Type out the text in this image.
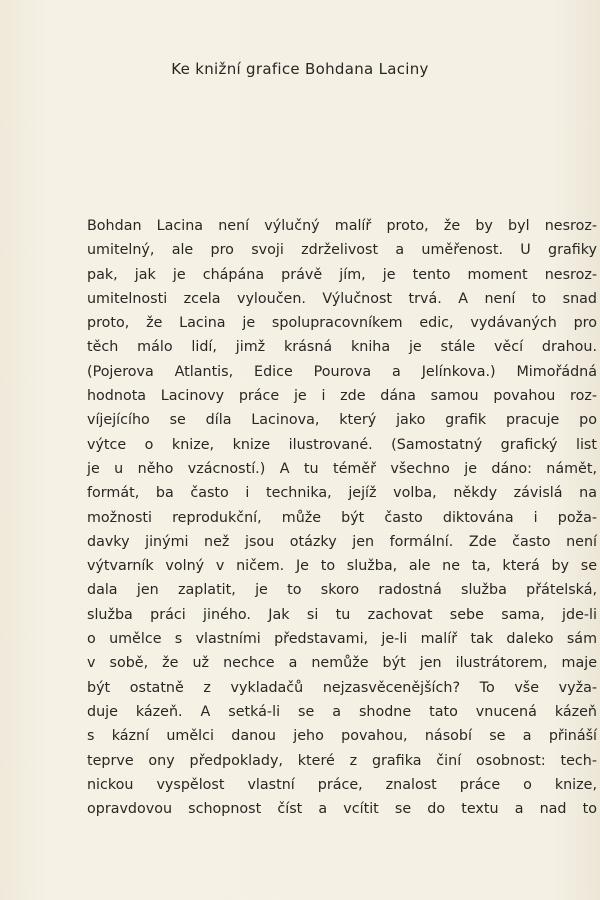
Ke knižní grafice Bohdana Laciny
Bohdan Lacina není výlučný malíř proto, že by byl nesroz-
umitelný, ale pro svoji zdrželivost a uměřenost. U grafiky
pak, jak je chápána právě jím, je tento moment nesroz-
umitelnosti zcela vyloučen. Výlučnost trvá. A není to snad
proto, že Lacina je spolupracovníkem edic, vydávaných pro
těch málo lidí, jimž krásná kniha je stále věcí drahou.
(Pojerova Atlantis, Edice Pourova a Jelínkova.) Mimořádná
hodnota Lacinovy práce je i zde dána samou povahou roz-
víjejícího se díla Lacinova, který jako grafik pracuje po
výtce o knize, knize ilustrované. (Samostatný grafický list
je u něho vzácností.) A tu téměř všechno je dáno: námět,
formát, ba často i technika, jejíž volba, někdy závislá na
možnosti reprodukční, může být často diktována i poža-
davky jinými než jsou otázky jen formální. Zde často není
výtvarník volný v ničem. Je to služba, ale ne ta, která by se
dala jen zaplatit, je to skoro radostná služba přátelská,
služba práci jiného. Jak si tu zachovat sebe sama, jde-li
o umělce s vlastními představami, je-li malíř tak daleko sám
v sobě, že už nechce a nemůže být jen ilustrátorem, maje
být ostatně z vykladačů nejzasvěcenějších? To vše vyža-
duje kázeň. A setká-li se a shodne tato vnucená kázeň
s kázní umělci danou jeho povahou, násobí se a přináší
teprve ony předpoklady, které z grafika činí osobnost: tech-
nickou vyspělost vlastní práce, znalost práce o knize,
opravdovou schopnost číst a vcítit se do textu a nad to
